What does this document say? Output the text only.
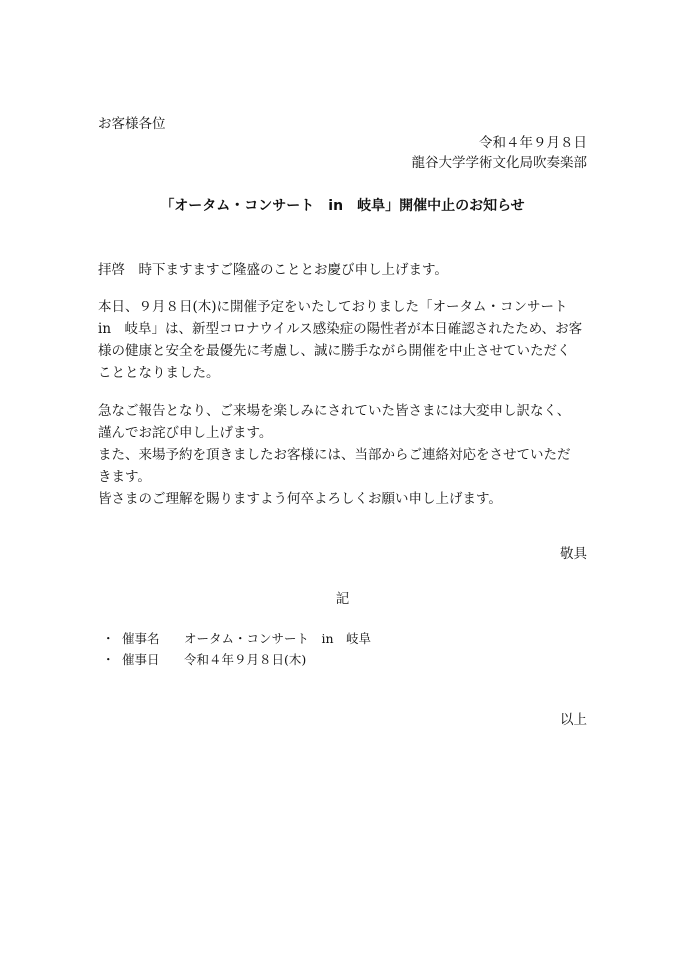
お客様各位
令和４年９月８日
龍谷大学学術文化局吹奏楽部
「オータム・コンサート　in　岐阜」開催中止のお知らせ
拝啓　時下ますますご隆盛のこととお慶び申し上げます。

本日、９月８日(木)に開催予定をいたしておりました「オータム・コンサート

in　岐阜」は、新型コロナウイルス感染症の陽性者が本日確認されたため、お客

様の健康と安全を最優先に考慮し、誠に勝手ながら開催を中止させていただく

こととなりました。

急なご報告となり、ご来場を楽しみにされていた皆さまには大変申し訳なく、

謹んでお詫び申し上げます。

また、来場予約を頂きましたお客様には、当部からご連絡対応をさせていただ

きます。

皆さまのご理解を賜りますよう何卒よろしくお願い申し上げます。

敬具
記
・ 催事名	オータム・コンサート　in　岐阜
・ 催事日	令和４年９月８日(木)
以上
